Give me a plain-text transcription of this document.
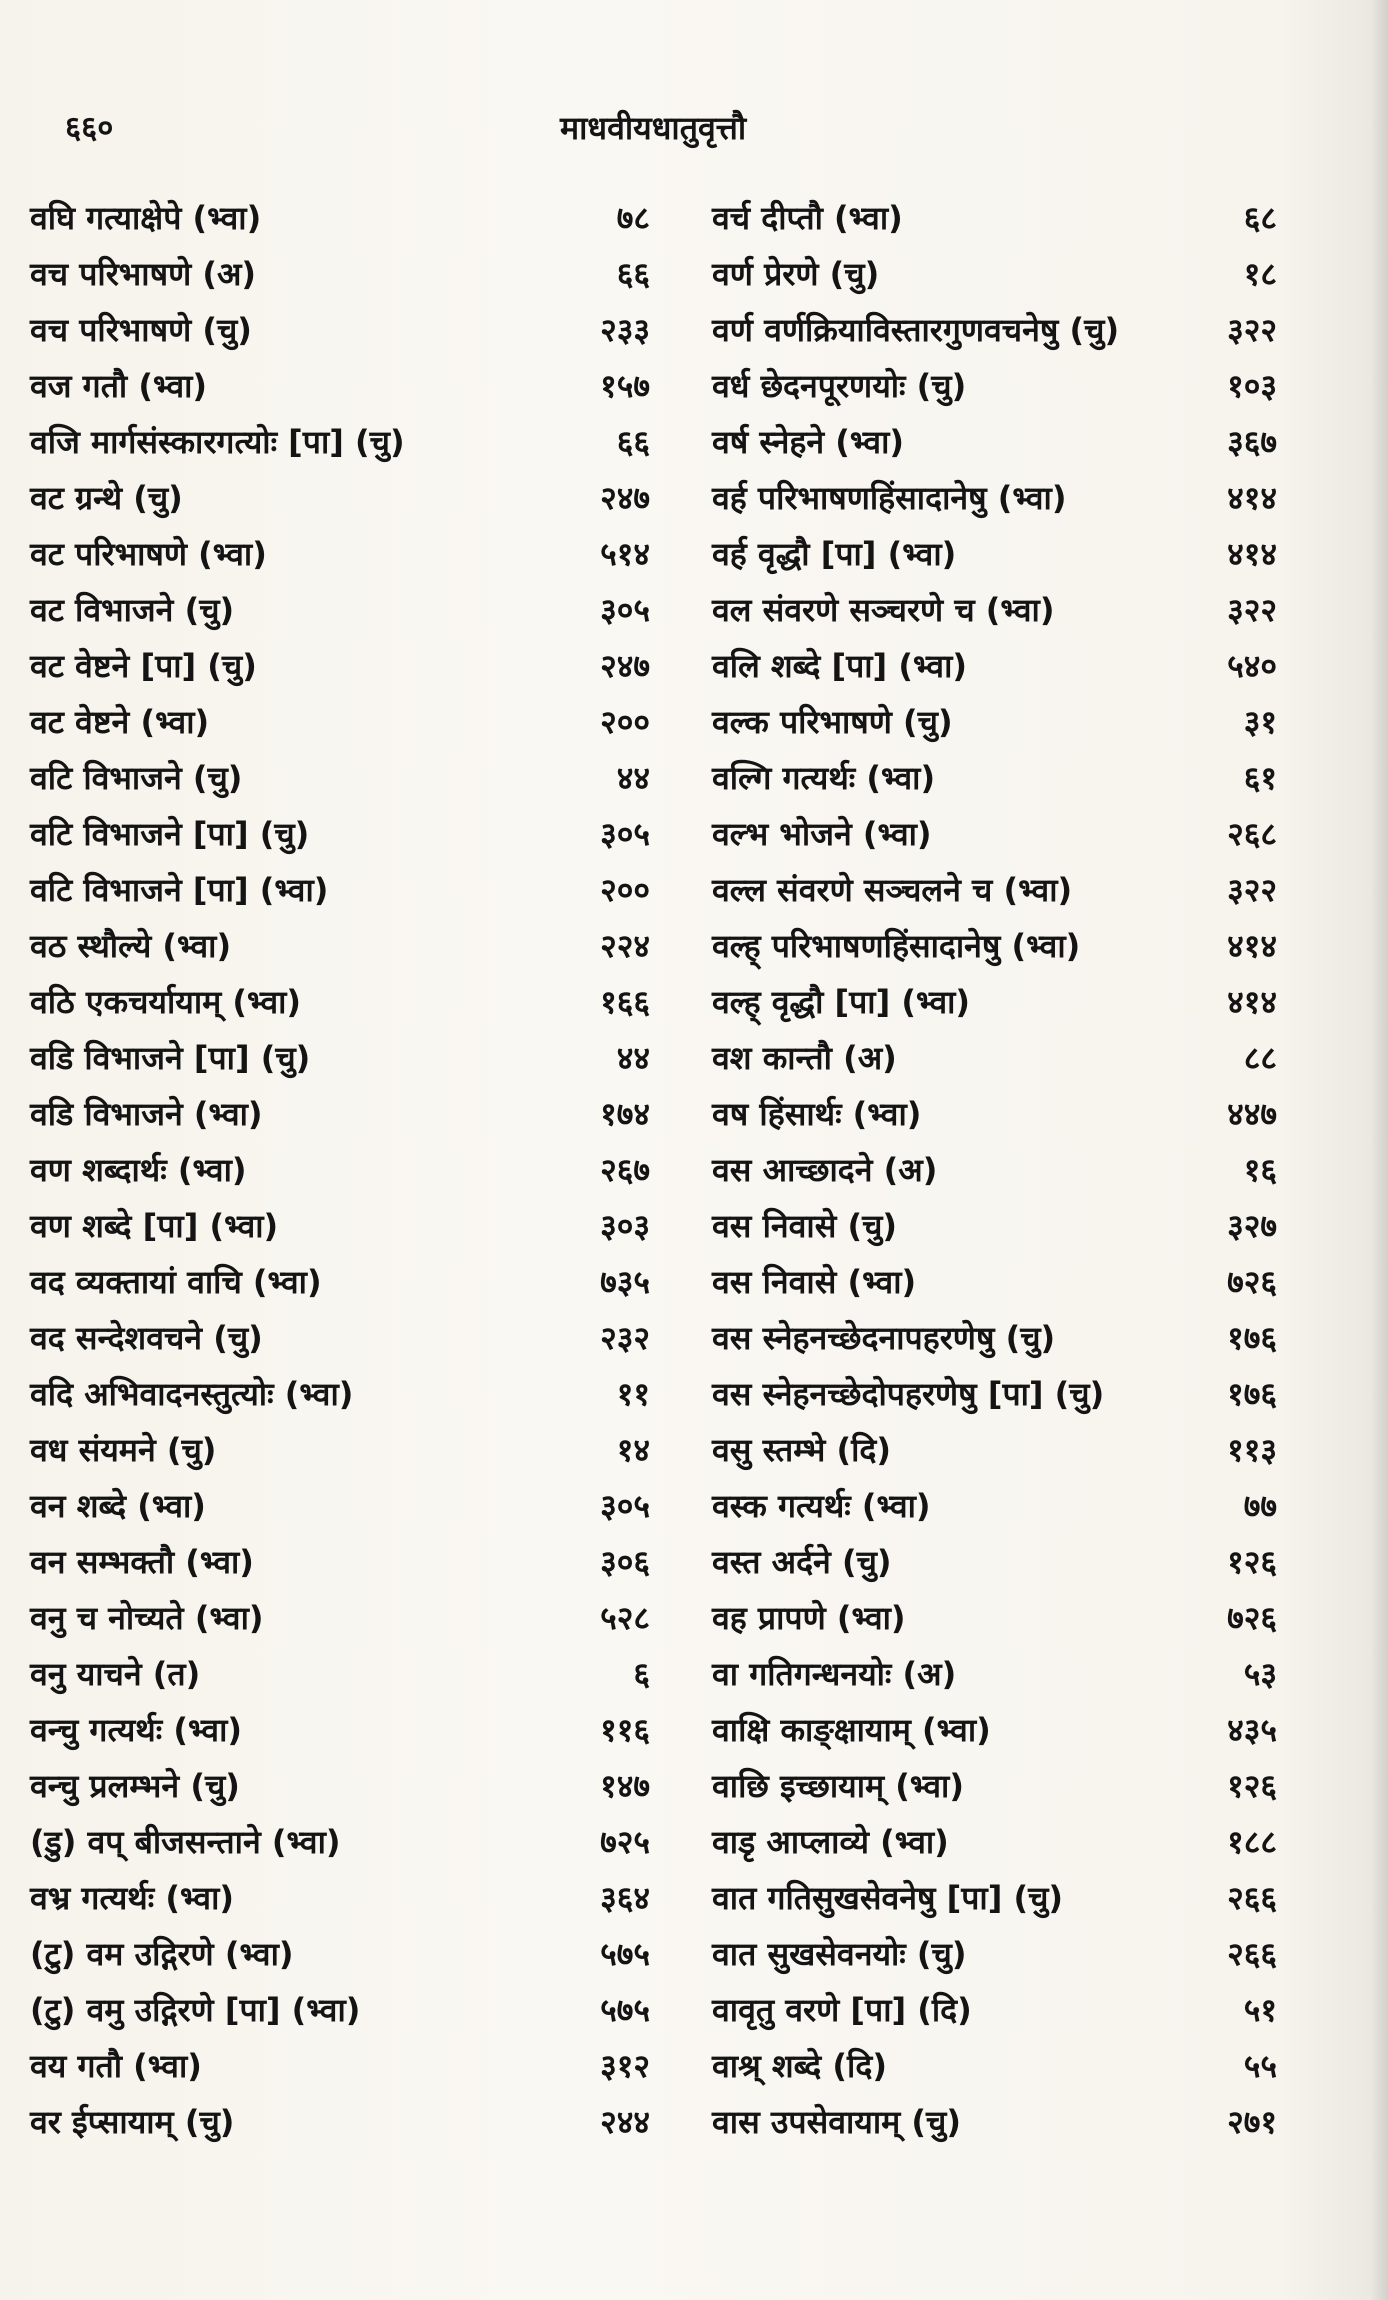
६६०	माधवीयधातुवृत्तौ
वघि गत्याक्षेपे (भ्वा)	७८
वच परिभाषणे (अ)	६६
वच परिभाषणे (चु)	२३३
वज गतौ (भ्वा)	१५७
वजि मार्गसंस्कारगत्योः [पा] (चु)	६६
वट ग्रन्थे (चु)	२४७
वट परिभाषणे (भ्वा)	५१४
वट विभाजने (चु)	३०५
वट वेष्टने [पा] (चु)	२४७
वट वेष्टने (भ्वा)	२००
वटि विभाजने (चु)	४४
वटि विभाजने [पा] (चु)	३०५
वटि विभाजने [पा] (भ्वा)	२००
वठ स्थौल्ये (भ्वा)	२२४
वठि एकचर्यायाम् (भ्वा)	१६६
वडि विभाजने [पा] (चु)	४४
वडि विभाजने (भ्वा)	१७४
वण शब्दार्थः (भ्वा)	२६७
वण शब्दे [पा] (भ्वा)	३०३
वद व्यक्तायां वाचि (भ्वा)	७३५
वद सन्देशवचने (चु)	२३२
वदि अभिवादनस्तुत्योः (भ्वा)	११
वध संयमने (चु)	१४
वन शब्दे (भ्वा)	३०५
वन सम्भक्तौ (भ्वा)	३०६
वनु च नोच्यते (भ्वा)	५२८
वनु याचने (त)	६
वन्चु गत्यर्थः (भ्वा)	११६
वन्चु प्रलम्भने (चु)	१४७
(डु) वप् बीजसन्ताने (भ्वा)	७२५
वभ्र गत्यर्थः (भ्वा)	३६४
(टु) वम उद्गिरणे (भ्वा)	५७५
(टु) वमु उद्गिरणे [पा] (भ्वा)	५७५
वय गतौ (भ्वा)	३१२
वर ईप्सायाम् (चु)	२४४
वर्च दीप्तौ (भ्वा)	६८
वर्ण प्रेरणे (चु)	१८
वर्ण वर्णक्रियाविस्तारगुणवचनेषु (चु)	३२२
वर्ध छेदनपूरणयोः (चु)	१०३
वर्ष स्नेहने (भ्वा)	३६७
वर्ह परिभाषणहिंसादानेषु (भ्वा)	४१४
वर्ह वृद्धौ [पा] (भ्वा)	४१४
वल संवरणे सञ्चरणे च (भ्वा)	३२२
वलि शब्दे [पा] (भ्वा)	५४०
वल्क परिभाषणे (चु)	३१
वल्गि गत्यर्थः (भ्वा)	६१
वल्भ भोजने (भ्वा)	२६८
वल्ल संवरणे सञ्चलने च (भ्वा)	३२२
वल्ह् परिभाषणहिंसादानेषु (भ्वा)	४१४
वल्ह् वृद्धौ [पा] (भ्वा)	४१४
वश कान्तौ (अ)	८८
वष हिंसार्थः (भ्वा)	४४७
वस आच्छादने (अ)	१६
वस निवासे (चु)	३२७
वस निवासे (भ्वा)	७२६
वस स्नेहनच्छेदनापहरणेषु (चु)	१७६
वस स्नेहनच्छेदोपहरणेषु [पा] (चु)	१७६
वसु स्तम्भे (दि)	११३
वस्क गत्यर्थः (भ्वा)	७७
वस्त अर्दने (चु)	१२६
वह प्रापणे (भ्वा)	७२६
वा गतिगन्धनयोः (अ)	५३
वाक्षि काङ्क्षायाम् (भ्वा)	४३५
वाछि इच्छायाम् (भ्वा)	१२६
वाडृ आप्लाव्ये (भ्वा)	१८८
वात गतिसुखसेवनेषु [पा] (चु)	२६६
वात सुखसेवनयोः (चु)	२६६
वावृतु वरणे [पा] (दि)	५१
वाश्र् शब्दे (दि)	५५
वास उपसेवायाम् (चु)	२७१
